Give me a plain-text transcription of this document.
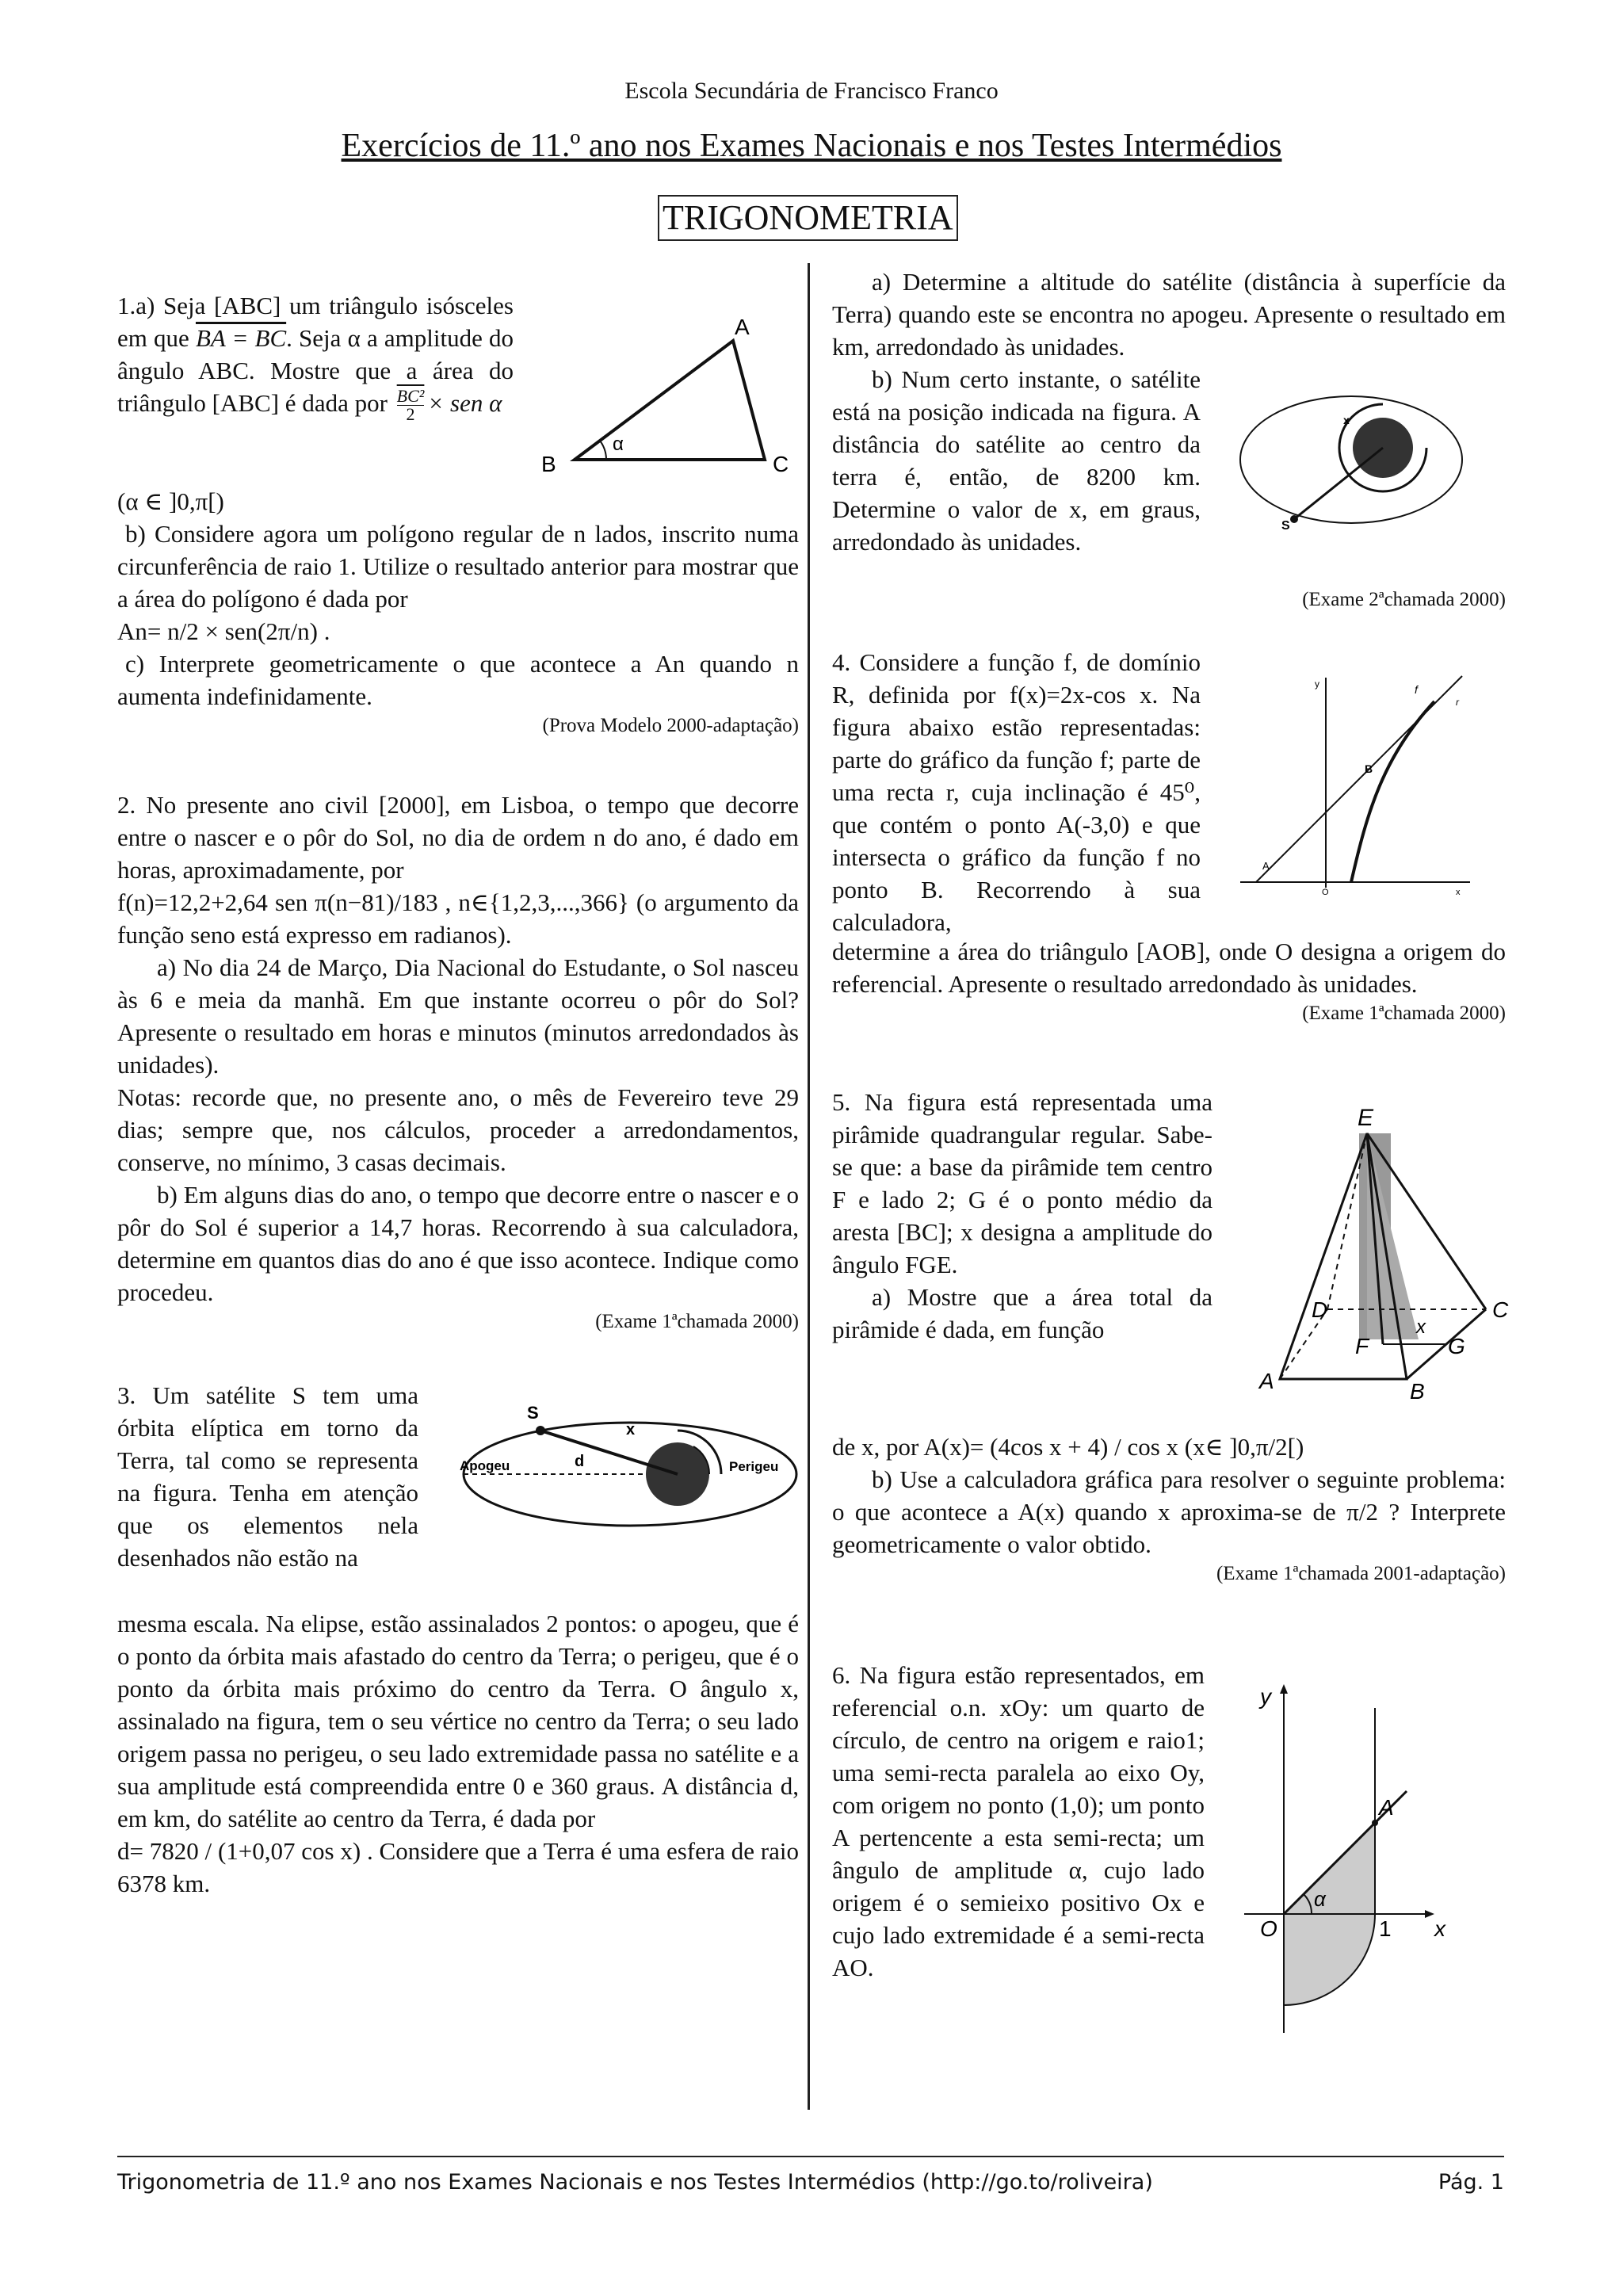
Escola Secundária de Francisco Franco
Exercícios de 11.º ano nos Exames Nacionais e nos Testes Intermédios
TRIGONOMETRIA

1.a) Seja [ABC] um triângulo isósceles em que BA = BC. Seja α a amplitude do ângulo ABC. Mostre que a área do triângulo [ABC] é dada por $\frac{\text{BC²}}{2}$ × sen α

(α ∈ ]0,π[)

b) Considere agora um polígono regular de n lados, inscrito numa circunferência de raio 1. Utilize o resultado anterior para mostrar que a área do polígono é dada por

An= n/2 × sen(2π/n) .

c) Interprete geometricamente o que acontece a An quando n aumenta indefinidamente.

(Prova Modelo 2000-adaptação)

A
B	C
α

2. No presente ano civil [2000], em Lisboa, o tempo que decorre entre o nascer e o pôr do Sol, no dia de ordem n do ano, é dado em horas, aproximadamente, por

f(n)=12,2+2,64 sen π(n−81)/183 , n∈{1,2,3,...,366} (o argumento da função seno está expresso em radianos).

a) No dia 24 de Março, Dia Nacional do Estudante, o Sol nasceu às 6 e meia da manhã. Em que instante ocorreu o pôr do Sol? Apresente o resultado em horas e minutos (minutos arredondados às unidades).

Notas: recorde que, no presente ano, o mês de Fevereiro teve 29 dias; sempre que, nos cálculos, proceder a arredondamentos, conserve, no mínimo, 3 casas decimais.

b) Em alguns dias do ano, o tempo que decorre entre o nascer e o pôr do Sol é superior a 14,7 horas. Recorrendo à sua calculadora, determine em quantos dias do ano é que isso acontece. Indique como procedeu.

(Exame 1ªchamada 2000)

3. Um satélite S tem uma órbita elíptica em torno da Terra, tal como se representa na figura. Tenha em atenção que os elementos nela desenhados não estão na

mesma escala. Na elipse, estão assinalados 2 pontos: o apogeu, que é o ponto da órbita mais afastado do centro da Terra; o perigeu, que é o ponto da órbita mais próximo do centro da Terra. O ângulo x, assinalado na figura, tem o seu vértice no centro da Terra; o seu lado origem passa no perigeu, o seu lado extremidade passa no satélite e a sua amplitude está compreendida entre 0 e 360 graus. A distância d, em km, do satélite ao centro da Terra, é dada por

d= 7820 / (1+0,07 cos x) . Considere que a Terra é uma esfera de raio 6378 km.

S
x
d
Apogeu	Perigeu

a) Determine a altitude do satélite (distância à superfície da Terra) quando este se encontra no apogeu. Apresente o resultado em km, arredondado às unidades.

b) Num certo instante, o satélite está na posição indicada na figura. A distância do satélite ao centro da terra é, então, de 8200 km. Determine o valor de x, em graus, arredondado às unidades.

(Exame 2ªchamada 2000)
S
x
4. Considere a função f, de domínio R, definida por f(x)=2x-cos x. Na figura abaixo estão representadas: parte do gráfico da função f; parte de uma recta r, cuja inclinação é 45⁰, que contém o ponto A(-3,0) e que intersecta o gráfico da função f no ponto B. Recorrendo à sua calculadora,

determine a área do triângulo [AOB], onde O designa a origem do referencial. Apresente o resultado arredondado às unidades.

(Exame 1ªchamada 2000)

y	f
r
B
A
O	x

5. Na figura está representada uma pirâmide quadrangular regular. Sabe-se que: a base da pirâmide tem centro F e lado 2; G é o ponto médio da aresta [BC]; x designa a amplitude do ângulo FGE.

a) Mostre que a área total da pirâmide é dada, em função

de x, por A(x)= (4cos x + 4) / cos x (x∈ ]0,π/2[)

b) Use a calculadora gráfica para resolver o seguinte problema: o que acontece a A(x) quando x aproxima-se de π/2 ? Interprete geometricamente o valor obtido.

(Exame 1ªchamada 2001-adaptação)

E
D	C
F
x
G
A	B
6. Na figura estão representados, em referencial o.n. xOy: um quarto de círculo, de centro na origem e raio1; uma semi-recta paralela ao eixo Oy, com origem no ponto (1,0); um ponto A pertencente a esta semi-recta; um ângulo de amplitude α, cujo lado origem é o semieixo positivo Ox e cujo lado extremidade é a semi-recta AO.
y
A
α
O	1 x
Trigonometria de 11.º ano nos Exames Nacionais e nos Testes Intermédios (http://go.to/roliveira)	Pág. 1
